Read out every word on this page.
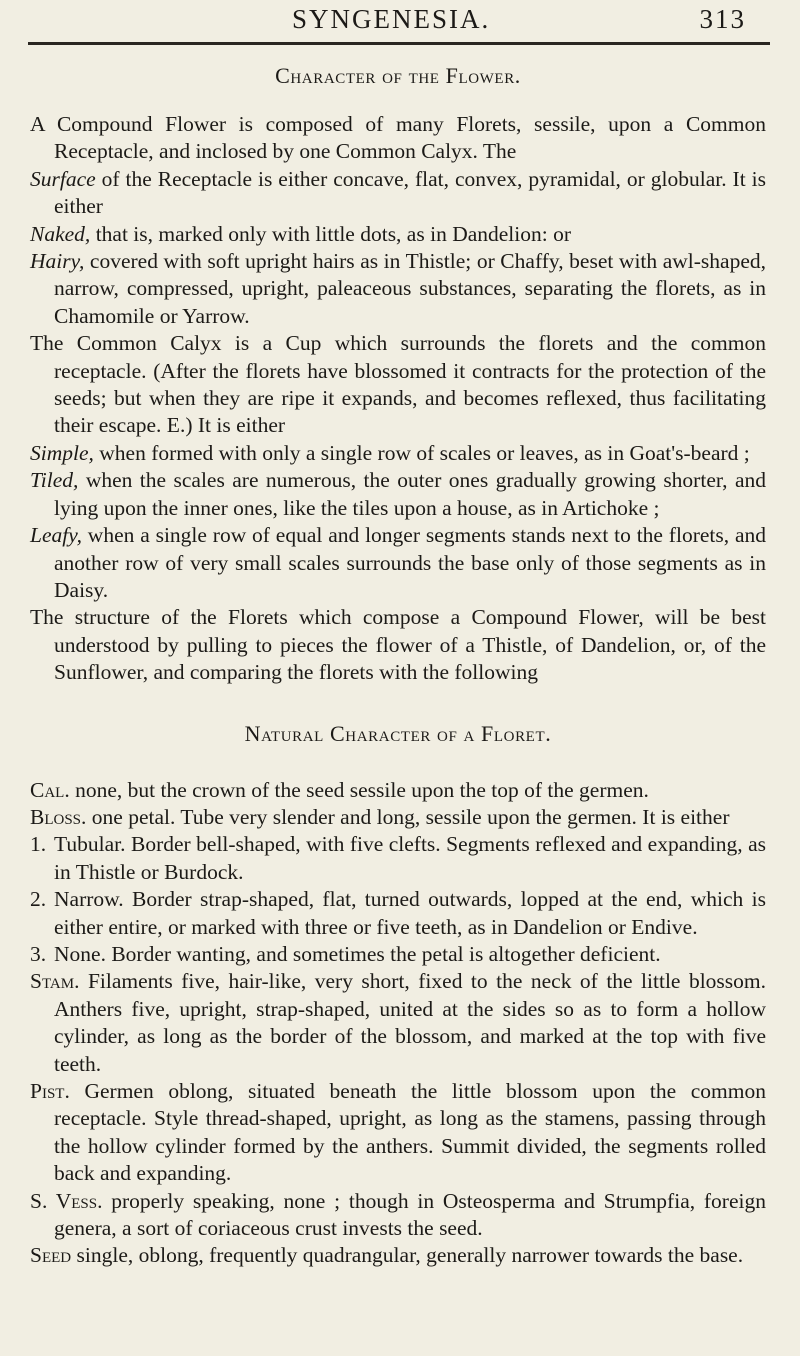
SYNGENESIA.	313
Character of the Flower.

A Compound Flower is composed of many Florets, sessile, upon a Common Receptacle, and inclosed by one Common Calyx. The

Surface of the Receptacle is either concave, flat, convex, pyramidal, or globular. It is either

Naked, that is, marked only with little dots, as in Dandelion: or

Hairy, covered with soft upright hairs as in Thistle; or Chaffy, beset with awl-shaped, narrow, compressed, upright, paleaceous substances, separating the florets, as in Chamomile or Yarrow.

The Common Calyx is a Cup which surrounds the florets and the common receptacle. (After the florets have blossomed it contracts for the protection of the seeds; but when they are ripe it expands, and becomes reflexed, thus facilitating their escape. E.) It is either

Simple, when formed with only a single row of scales or leaves, as in Goat's-beard ;

Tiled, when the scales are numerous, the outer ones gradually growing shorter, and lying upon the inner ones, like the tiles upon a house, as in Artichoke ;

Leafy, when a single row of equal and longer segments stands next to the florets, and another row of very small scales surrounds the base only of those segments as in Daisy.

The structure of the Florets which compose a Compound Flower, will be best understood by pulling to pieces the flower of a Thistle, of Dandelion, or, of the Sunflower, and comparing the florets with the following

Natural Character of a Floret.

Cal. none, but the crown of the seed sessile upon the top of the germen.

Bloss. one petal. Tube very slender and long, sessile upon the germen. It is either

1. Tubular. Border bell-shaped, with five clefts. Segments reflexed and expanding, as in Thistle or Burdock.

2. Narrow. Border strap-shaped, flat, turned outwards, lopped at the end, which is either entire, or marked with three or five teeth, as in Dandelion or Endive.

3. None. Border wanting, and sometimes the petal is altogether deficient.

Stam. Filaments five, hair-like, very short, fixed to the neck of the little blossom. Anthers five, upright, strap-shaped, united at the sides so as to form a hollow cylinder, as long as the border of the blossom, and marked at the top with five teeth.

Pist. Germen oblong, situated beneath the little blossom upon the common receptacle. Style thread-shaped, upright, as long as the stamens, passing through the hollow cylinder formed by the anthers. Summit divided, the segments rolled back and expanding.

S. Vess. properly speaking, none ; though in Osteosperma and Strumpfia, foreign genera, a sort of coriaceous crust invests the seed.

Seed single, oblong, frequently quadrangular, generally narrower towards the base.
